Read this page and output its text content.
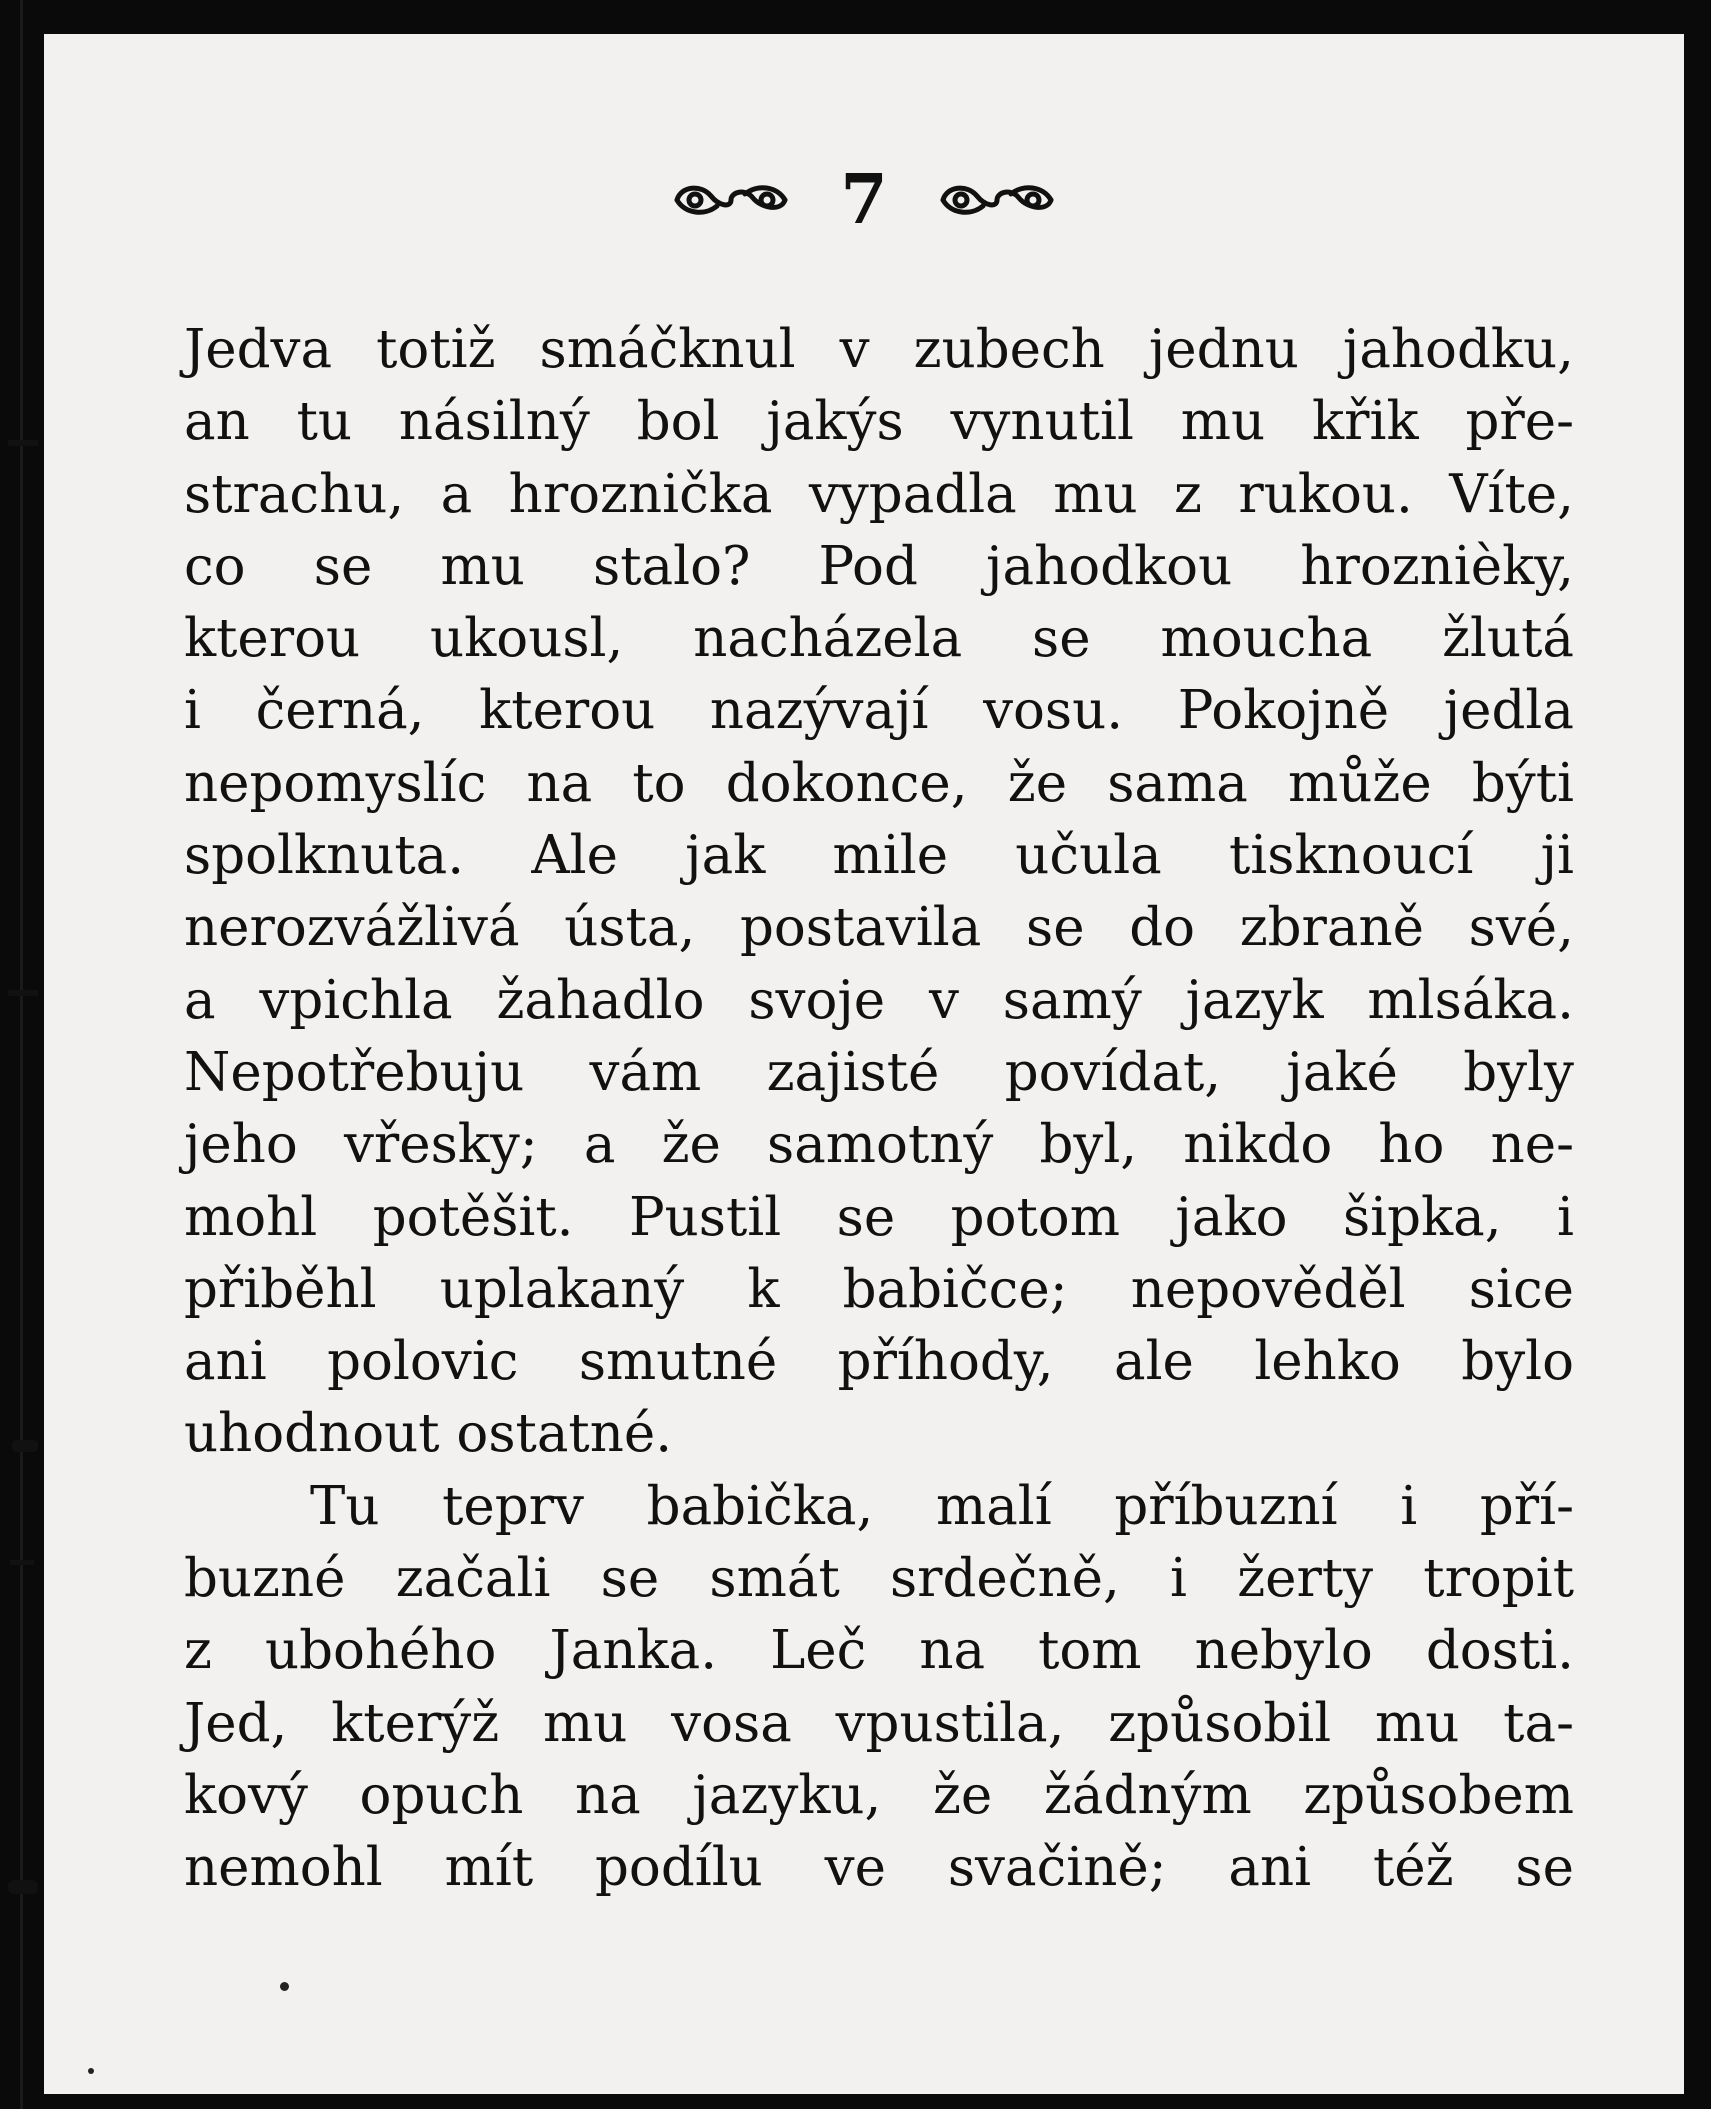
7
Jedva totiž smáčknul v zubech jednu jahodku,
an tu násilný bol jakýs vynutil mu křik pře-
strachu, a hroznička vypadla mu z rukou. Víte,
co se mu stalo? Pod jahodkou hroznièky,
kterou ukousl, nacházela se moucha žlutá
i černá, kterou nazývají vosu. Pokojně jedla
nepomyslíc na to dokonce, že sama může býti
spolknuta. Ale jak mile učula tisknoucí ji
nerozvážlivá ústa, postavila se do zbraně své,
a vpichla žahadlo svoje v samý jazyk mlsáka.
Nepotřebuju vám zajisté povídat, jaké byly
jeho vřesky; a že samotný byl, nikdo ho ne-
mohl potěšit. Pustil se potom jako šipka, i
přiběhl uplakaný k babičce; nepověděl sice
ani polovic smutné příhody, ale lehko bylo
uhodnout ostatné.
Tu teprv babička, malí příbuzní i pří-
buzné začali se smát srdečně, i žerty tropit
z ubohého Janka. Leč na tom nebylo dosti.
Jed, kterýž mu vosa vpustila, způsobil mu ta-
kový opuch na jazyku, že žádným způsobem
nemohl mít podílu ve svačině; ani též se
